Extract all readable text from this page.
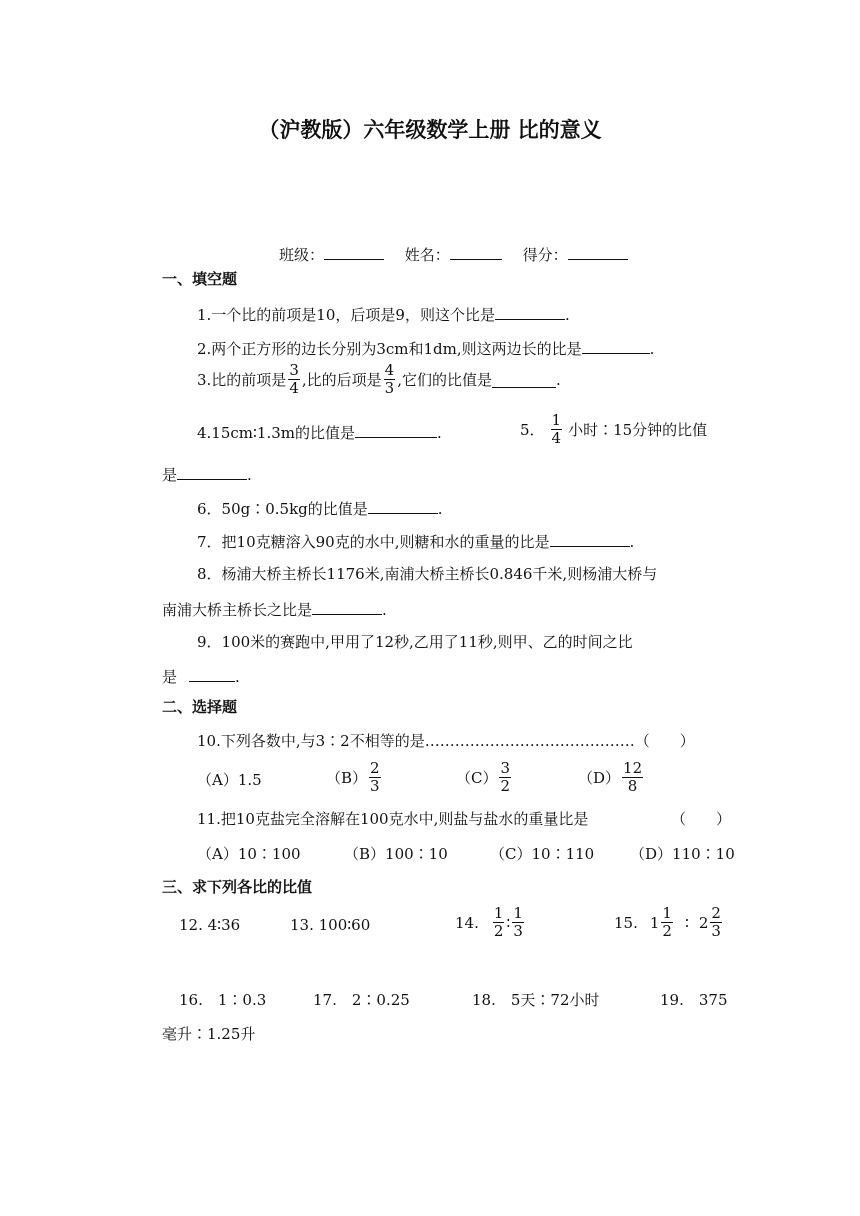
（沪教版）六年级数学上册 比的意义
班级：	姓名：	得分：
一、填空题
1.一个比的前项是10，后项是9，则这个比是	.
2.两个正方形的边长分别为3cm和1dm,则这两边长的比是	.
3.比的前项是 $\frac{3}{4}$ ,比的后项是 $\frac{4}{3}$ ,它们的比值是	.
4.15cm∶1.3m的比值是	.	5． $\frac{1}{4}$ 小时∶15分钟的比值
是	.
6．50g∶0.5kg的比值是	.
7．把10克糖溶入90克的水中,则糖和水的重量的比是	.
8．杨浦大桥主桥长1176米,南浦大桥主桥长0.846千米,则杨浦大桥与
南浦大桥主桥长之比是	.
9．100米的赛跑中,甲用了12秒,乙用了11秒,则甲、乙的时间之比
是	.
二、选择题
10.下列各数中,与3∶2不相等的是……………………………………（　　）
（A）1.5	$(B) \frac{2}{3}$	$(C) \frac{3}{2}$	$(D) \frac{12}{8}$
11.把10克盐完全溶解在100克水中,则盐与盐水的重量比是	（　　）
（A）10∶100	（B）100∶10	（C）10∶110 （D）110∶10
三、求下列各比的比值
12. 4∶36	13. 100∶60	14. $\frac{1}{2}$ ∶ $\frac{1}{3}$	15. $1 \frac{1}{2}$ ∶ $2 \frac{2}{3}$
16.　1∶0.3	17.　2∶0.25	18.　5天∶72小时	19.　375
毫升∶1.25升
